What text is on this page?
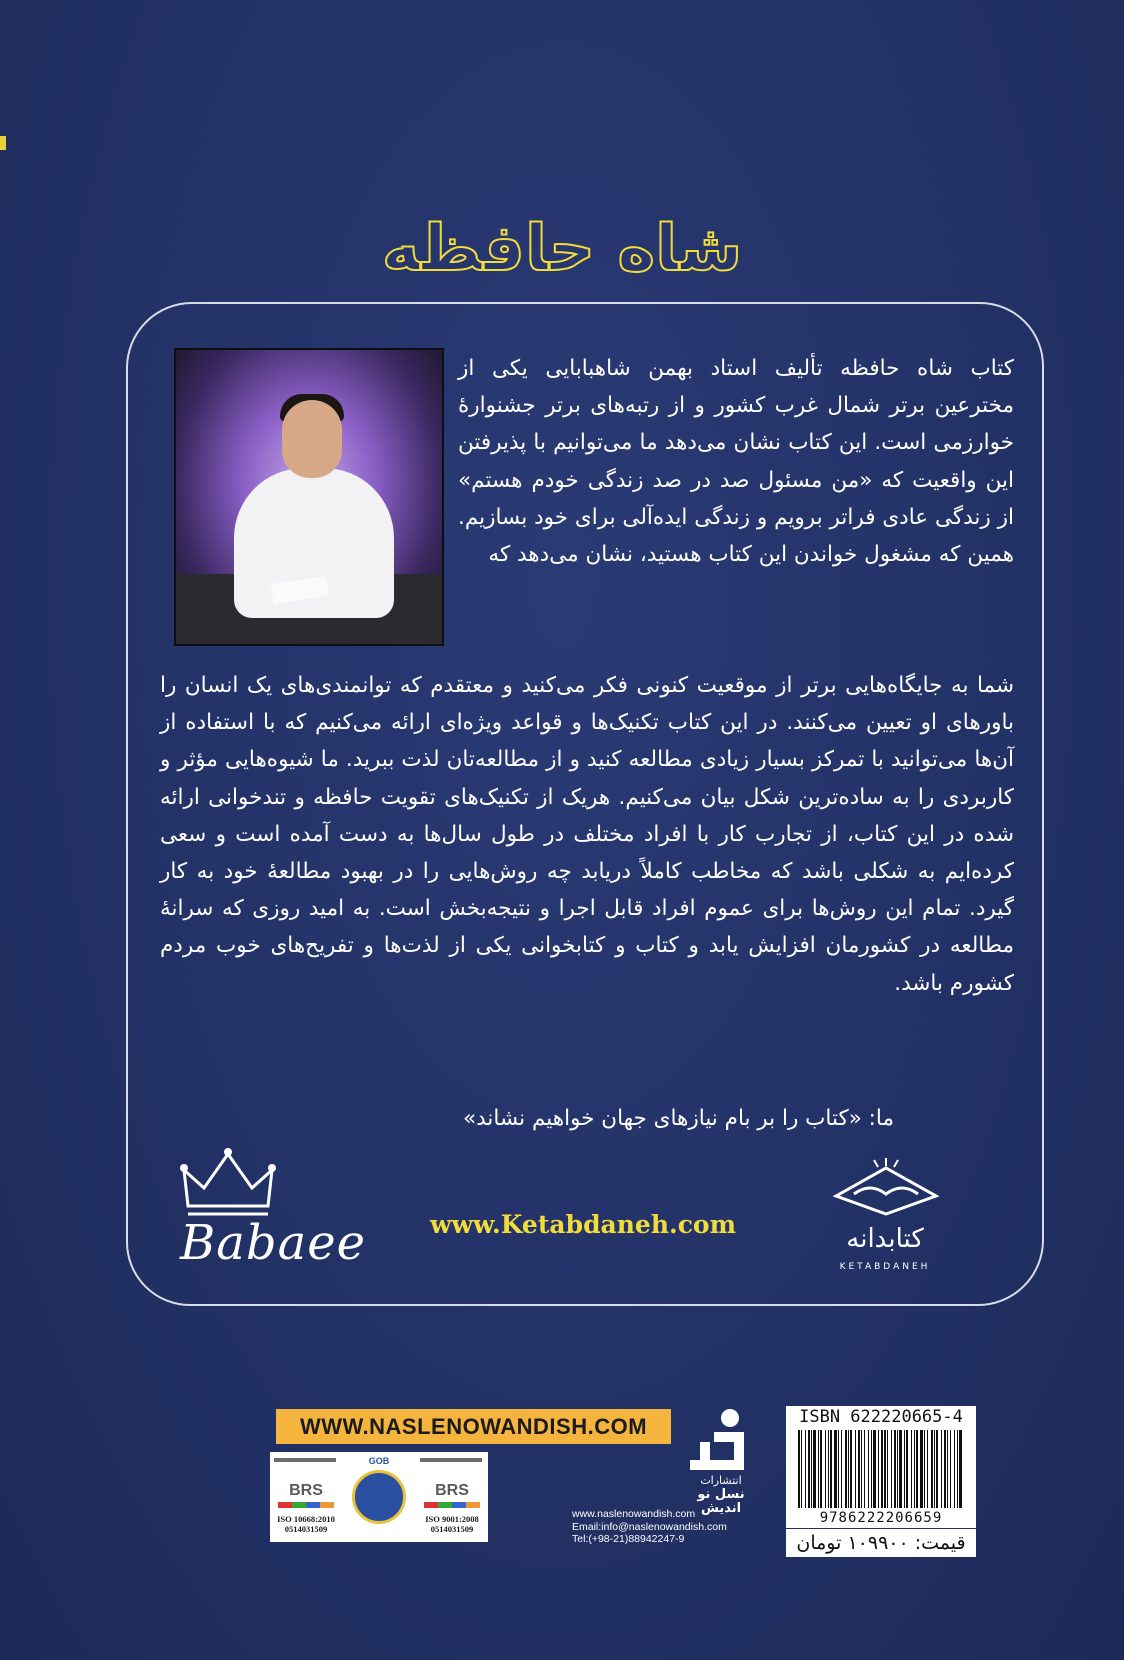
شاه حافظه
کتاب شاه حافظه تألیف استاد بهمن شاهبابایی یکی از مخترعین برتر شمال غرب کشور و از رتبه‌های برتر جشنوارهٔ خوارزمی است. این کتاب نشان می‌دهد ما می‌توانیم با پذیرفتن این واقعیت که «من مسئول صد در صد زندگی خودم هستم» از زندگی عادی فراتر برویم و زندگی ایده‌آلی برای خود بسازیم. همین که مشغول خواندن این کتاب هستید، نشان می‌دهد که
شما به جایگاه‌هایی برتر از موقعیت کنونی فکر می‌کنید و معتقدم که توانمندی‌های یک انسان را باورهای او تعیین می‌کنند. در این کتاب تکنیک‌ها و قواعد ویژه‌ای ارائه می‌کنیم که با استفاده از آن‌ها می‌توانید با تمرکز بسیار زیادی مطالعه کنید و از مطالعه‌تان لذت ببرید. ما شیوه‌هایی مؤثر و کاربردی را به ساده‌ترین شکل بیان می‌کنیم. هریک از تکنیک‌های تقویت حافظه و تندخوانی ارائه شده در این کتاب، از تجارب کار با افراد مختلف در طول سال‌ها به دست آمده است و سعی کرده‌ایم به شکلی باشد که مخاطب کاملاً دریابد چه روش‌هایی را در بهبود مطالعهٔ خود به کار گیرد. تمام این روش‌ها برای عموم افراد قابل اجرا و نتیجه‌بخش است. به امید روزی که سرانهٔ مطالعه در کشورمان افزایش یابد و کتاب و کتابخوانی یکی از لذت‌ها و تفریح‌های خوب مردم کشورم باشد.
ما: «کتاب را بر بام نیازهای جهان خواهیم نشاند»
Babaee	www.Ketabdaneh.com	کتابدانه
KETABDANEH
WWW.NASLENOWANDISH.COM
BRS
ISO 10668:2010
0514031509
GOB
BRS
ISO 9001:2008
0514031509
انتشارات
نسل نو اندیش
www.naslenowandish.com
Email:info@naslenowandish.com
Tel:(+98-21)88942247-9
ISBN 622220665-4
9786222206659
قیمت: ۱۰۹۹۰۰ تومان
